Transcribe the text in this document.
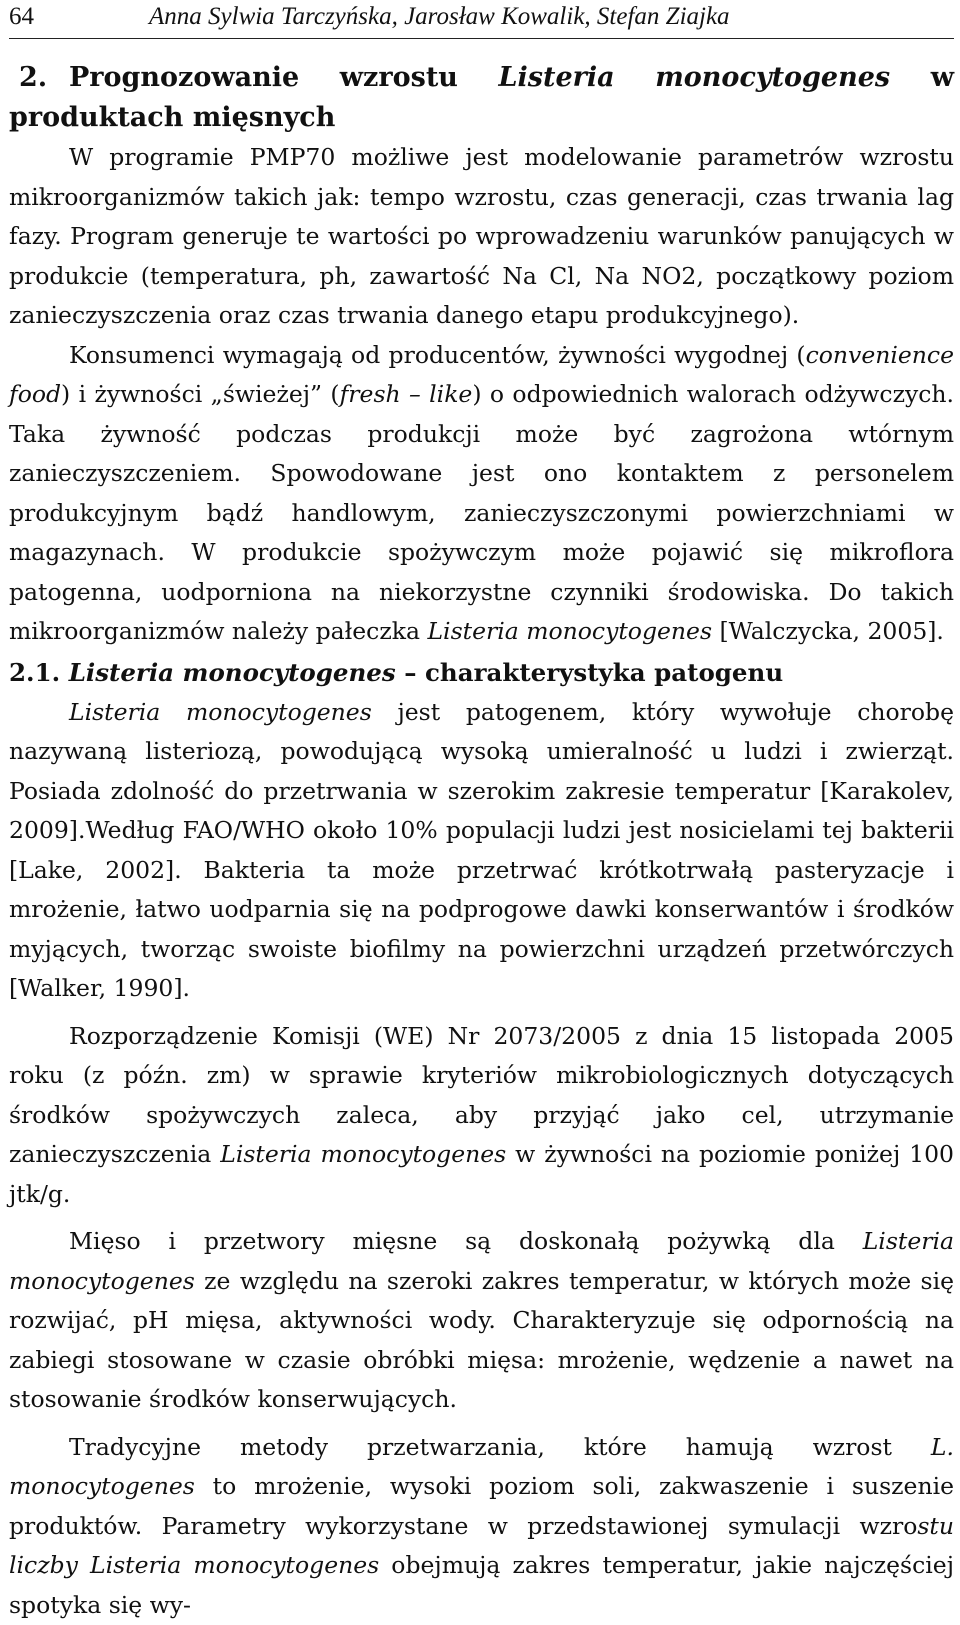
64	Anna Sylwia Tarczyńska, Jarosław Kowalik, Stefan Ziajka
2. Prognozowanie wzrostu Listeria monocytogenes w produktach mięsnych

W programie PMP70 możliwe jest modelowanie parametrów wzrostu mikroorganizmów takich jak: tempo wzrostu, czas generacji, czas trwania lag fazy. Program generuje te wartości po wprowadzeniu warunków panujących w produkcie (temperatura, ph, zawartość Na Cl, Na NO2, początkowy poziom zanieczyszczenia oraz czas trwania danego etapu produkcyjnego).

Konsumenci wymagają od producentów, żywności wygodnej (convenience food) i żywności „świeżej” (fresh – like) o odpowiednich walorach odżywczych. Taka żywność podczas produkcji może być zagrożona wtórnym zanieczyszczeniem. Spowodowane jest ono kontaktem z personelem produkcyjnym bądź handlowym, zanieczyszczonymi powierzchniami w magazynach. W produkcie spożywczym może pojawić się mikroflora patogenna, uodporniona na niekorzystne czynniki środowiska. Do takich mikroorganizmów należy pałeczka Listeria monocytogenes [Walczycka, 2005].

2.1. Listeria monocytogenes – charakterystyka patogenu

Listeria monocytogenes jest patogenem, który wywołuje chorobę nazywaną listeriozą, powodującą wysoką umieralność u ludzi i zwierząt. Posiada zdolność do przetrwania w szerokim zakresie temperatur [Karakolev, 2009].Według FAO/WHO około 10% populacji ludzi jest nosicielami tej bakterii [Lake, 2002]. Bakteria ta może przetrwać krótkotrwałą pasteryzacje i mrożenie, łatwo uodparnia się na podprogowe dawki konserwantów i środków myjących, tworząc swoiste biofilmy na powierzchni urządzeń przetwórczych [Walker, 1990].

Rozporządzenie Komisji (WE) Nr 2073/2005 z dnia 15 listopada 2005 roku (z późn. zm) w sprawie kryteriów mikrobiologicznych dotyczących środków spożywczych zaleca, aby przyjąć jako cel, utrzymanie zanieczyszczenia Listeria monocytogenes w żywności na poziomie poniżej 100 jtk/g.

Mięso i przetwory mięsne są doskonałą pożywką dla Listeria monocytogenes ze względu na szeroki zakres temperatur, w których może się rozwijać, pH mięsa, aktywności wody. Charakteryzuje się odpornością na zabiegi stosowane w czasie obróbki mięsa: mrożenie, wędzenie a nawet na stosowanie środków konserwujących.

Tradycyjne metody przetwarzania, które hamują wzrost L. monocytogenes to mrożenie, wysoki poziom soli, zakwaszenie i suszenie produktów. Parametry wykorzystane w przedstawionej symulacji wzrostu liczby Listeria monocytogenes obejmują zakres temperatur, jakie najczęściej spotyka się wy-
